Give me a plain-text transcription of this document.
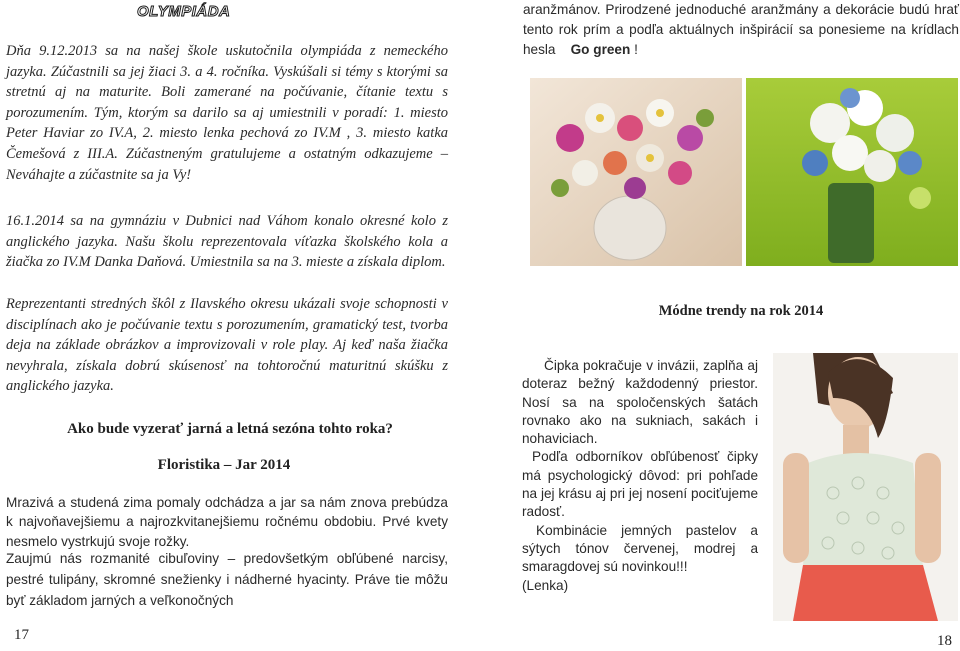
OLYMPIÁDA
Dňa 9.12.2013 sa na našej škole uskutočnila olympiáda z nemeckého jazyka. Zúčastnili sa jej žiaci 3. a 4. ročníka. Vyskúšali si témy s ktorými sa stretnú aj na maturite. Boli zamerané na počúvanie, čítanie textu s porozumením. Tým, ktorým sa darilo sa aj umiestnili v poradí: 1. miesto Peter Haviar zo IV.A, 2. miesto lenka pechová zo IV.M , 3. miesto katka Čemešová z III.A. Zúčastneným gratulujeme a ostatným odkazujeme – Neváhajte a zúčastnite sa ja Vy!
16.1.2014 sa na gymnáziu v Dubnici nad Váhom konalo okresné kolo z anglického jazyka. Našu školu reprezentovala víťazka školského kola a žiačka zo IV.M Danka Daňová. Umiestnila sa na 3. mieste a získala diplom.
Reprezentanti stredných škôl z Ilavského okresu ukázali svoje schopnosti v disciplínach ako je počúvanie textu s porozumením, gramatický test, tvorba deja na základe obrázkov a improvizovali v role play. Aj keď naša žiačka nevyhrala, získala dobrú skúsenosť na tohtoročnú maturitnú skúšku z anglického jazyka.
Ako bude vyzerať jarná a letná sezóna tohto roka?
Floristika – Jar 2014
Mrazivá a studená zima pomaly odchádza a jar sa nám znova prebúdza k najvoňavejšiemu a najrozkvitanejšiemu ročnému obdobiu. Prvé kvety nesmelo vystrkujú svoje rožky.
Zaujmú nás rozmanité cibuľoviny – predovšetkým obľúbené narcisy, pestré tulipány, skromné snežienky i nádherné hyacinty. Práve tie môžu byť základom jarných a veľkonočných
17
aranžmánov. Prirodzené jednoduché aranžmány a dekorácie budú hrať tento rok prím a podľa aktuálnych inšpirácií sa ponesieme na krídlach hesla Go green !
Módne trendy na rok 2014
Čipka pokračuje v invázii, zaplňa aj doteraz bežný každodenný priestor. Nosí sa na spoločenských šatách rovnako ako na sukniach, sakách i nohaviciach.
Podľa odborníkov obľúbenosť čipky má psychologický dôvod: pri pohľade na jej krásu aj pri jej nosení pociťujeme radosť.
Kombinácie jemných pastelov a sýtych tónov červenej, modrej a smaragdovej sú novinkou!!!
(Lenka)
18
